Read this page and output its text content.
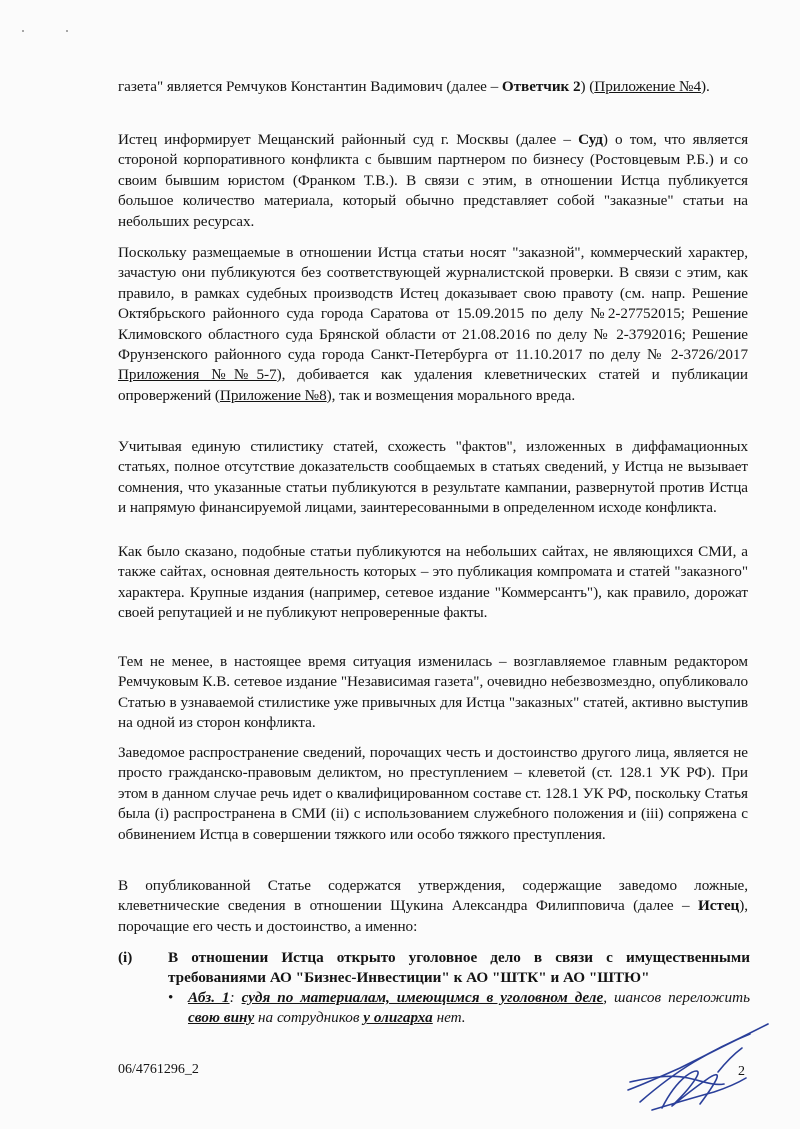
газета" является Ремчуков Константин Вадимович (далее – Ответчик 2) (Приложение №4).

Истец информирует Мещанский районный суд г. Москвы (далее – Суд) о том, что является стороной корпоративного конфликта с бывшим партнером по бизнесу (Ростовцевым Р.Б.) и со своим бывшим юристом (Франком Т.В.). В связи с этим, в отношении Истца публикуется большое количество материала, который обычно представляет собой "заказные" статьи на небольших ресурсах.

Поскольку размещаемые в отношении Истца статьи носят "заказной", коммерческий характер, зачастую они публикуются без соответствующей журналистской проверки. В связи с этим, как правило, в рамках судебных производств Истец доказывает свою правоту (см. напр. Решение Октябрьского районного суда города Саратова от 15.09.2015 по делу №2-27752015; Решение Климовского областного суда Брянской области от 21.08.2016 по делу № 2-3792016; Решение Фрунзенского районного суда города Санкт-Петербурга от 11.10.2017 по делу № 2-3726/2017 Приложения №№5-7), добивается как удаления клеветнических статей и публикации опровержений (Приложение №8), так и возмещения морального вреда.

Учитывая единую стилистику статей, схожесть "фактов", изложенных в диффамационных статьях, полное отсутствие доказательств сообщаемых в статьях сведений, у Истца не вызывает сомнения, что указанные статьи публикуются в результате кампании, развернутой против Истца и напрямую финансируемой лицами, заинтересованными в определенном исходе конфликта.

Как было сказано, подобные статьи публикуются на небольших сайтах, не являющихся СМИ, а также сайтах, основная деятельность которых – это публикация компромата и статей "заказного" характера. Крупные издания (например, сетевое издание "Коммерсантъ"), как правило, дорожат своей репутацией и не публикуют непроверенные факты.

Тем не менее, в настоящее время ситуация изменилась – возглавляемое главным редактором Ремчуковым К.В. сетевое издание "Независимая газета", очевидно небезвозмездно, опубликовало Статью в узнаваемой стилистике уже привычных для Истца "заказных" статей, активно выступив на одной из сторон конфликта.

Заведомое распространение сведений, порочащих честь и достоинство другого лица, является не просто гражданско-правовым деликтом, но преступлением – клеветой (ст. 128.1 УК РФ). При этом в данном случае речь идет о квалифицированном составе ст. 128.1 УК РФ, поскольку Статья была (i) распространена в СМИ (ii) с использованием служебного положения и (iii) сопряжена с обвинением Истца в совершении тяжкого или особо тяжкого преступления.

В опубликованной Статье содержатся утверждения, содержащие заведомо ложные, клеветнические сведения в отношении Щукина Александра Филипповича (далее – Истец), порочащие его честь и достоинство, а именно:

(i) В отношении Истца открыто уголовное дело в связи с имущественными требованиями АО "Бизнес-Инвестиции" к АО "ШТК" и АО "ШТЮ"
• Абз. 1: судя по материалам, имеющимся в уголовном деле, шансов переложить свою вину на сотрудников у олигарха нет.
06/4761296_2	2
